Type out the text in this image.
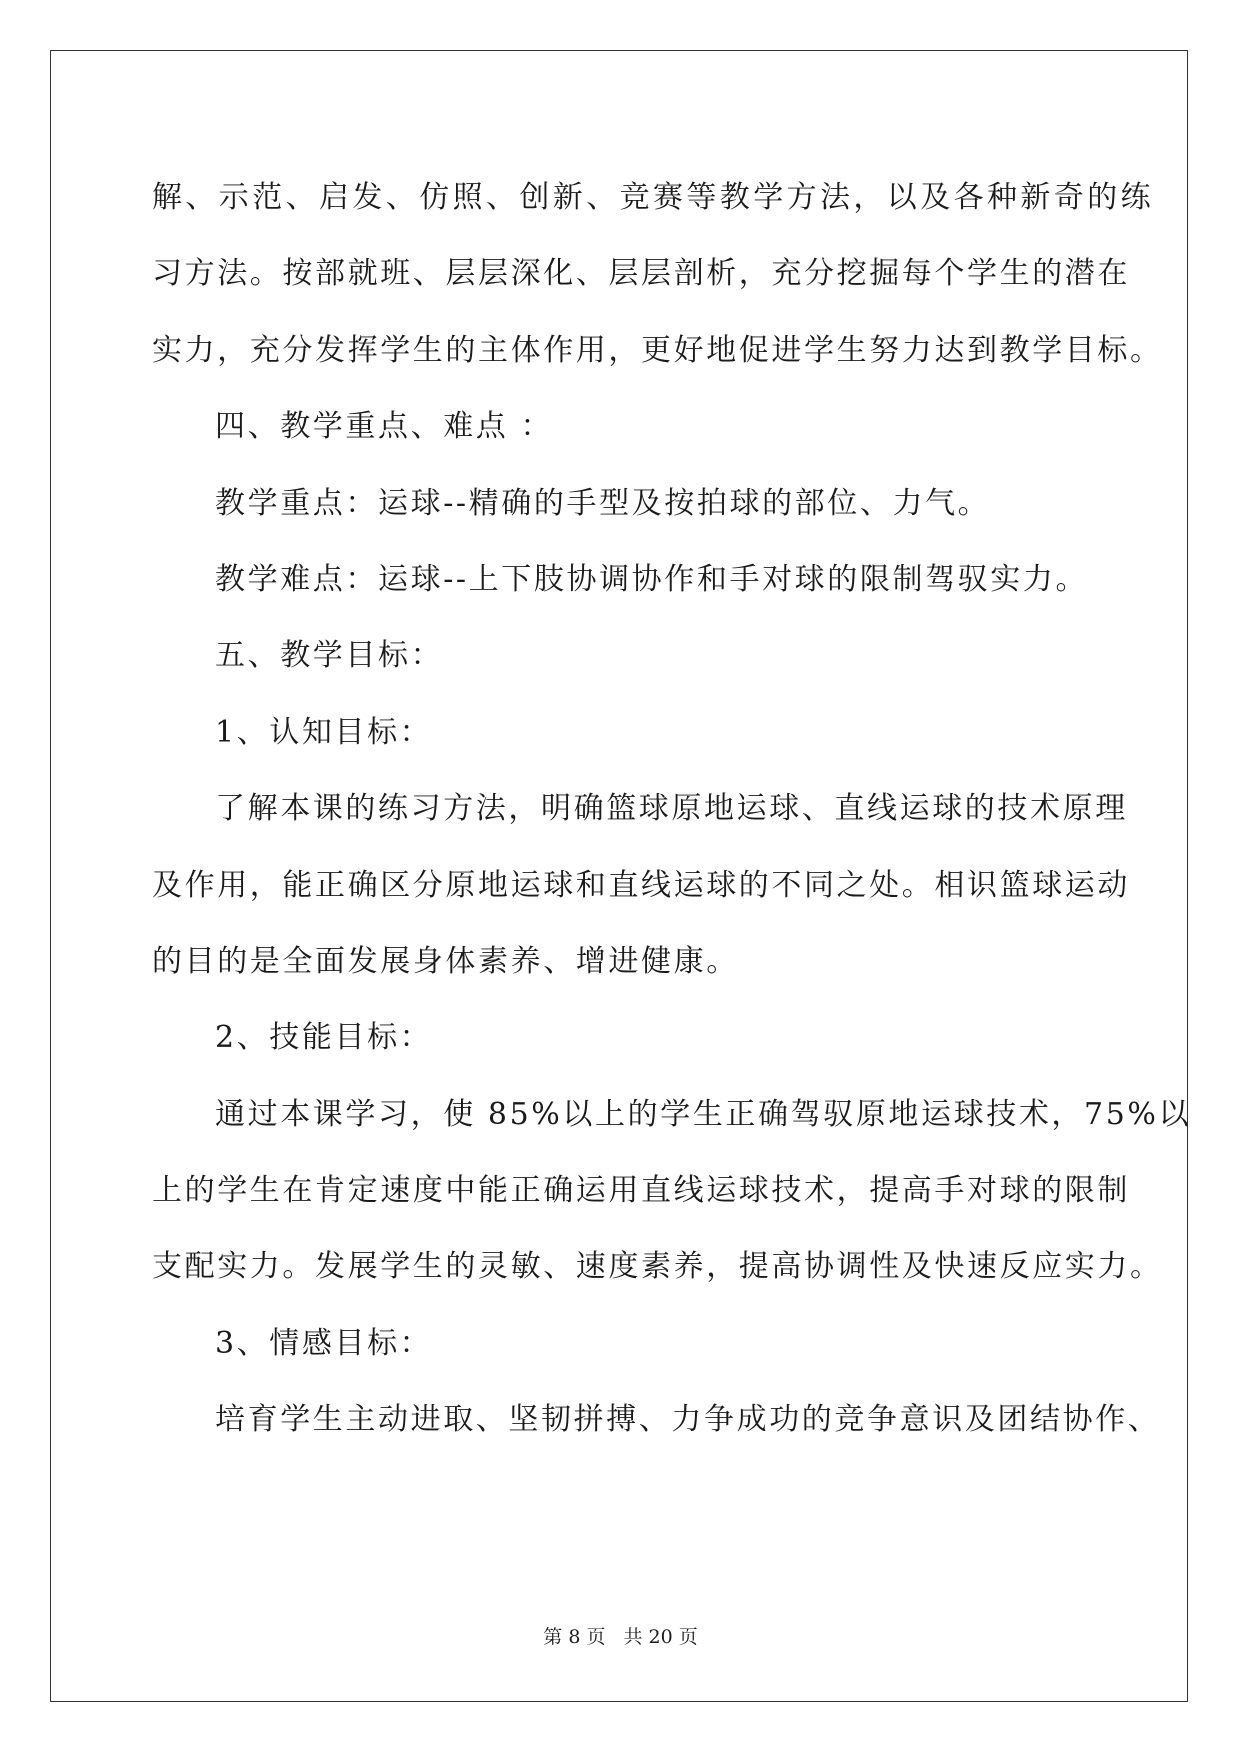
解、示范、启发、仿照、创新、竞赛等教学方法，以及各种新奇的练
习方法。按部就班、层层深化、层层剖析，充分挖掘每个学生的潜在
实力，充分发挥学生的主体作用，更好地促进学生努力达到教学目标。
四、教学重点、难点 ：
教学重点：运球--精确的手型及按拍球的部位、力气。
教学难点：运球--上下肢协调协作和手对球的限制驾驭实力。
五、教学目标：
1、认知目标：
了解本课的练习方法，明确篮球原地运球、直线运球的技术原理
及作用，能正确区分原地运球和直线运球的不同之处。相识篮球运动
的目的是全面发展身体素养、增进健康。
2、技能目标：
通过本课学习，使 85%以上的学生正确驾驭原地运球技术，75%以
上的学生在肯定速度中能正确运用直线运球技术，提高手对球的限制
支配实力。发展学生的灵敏、速度素养，提高协调性及快速反应实力。
3、情感目标：
培育学生主动进取、坚韧拼搏、力争成功的竞争意识及团结协作、
第 8 页 共 20 页
